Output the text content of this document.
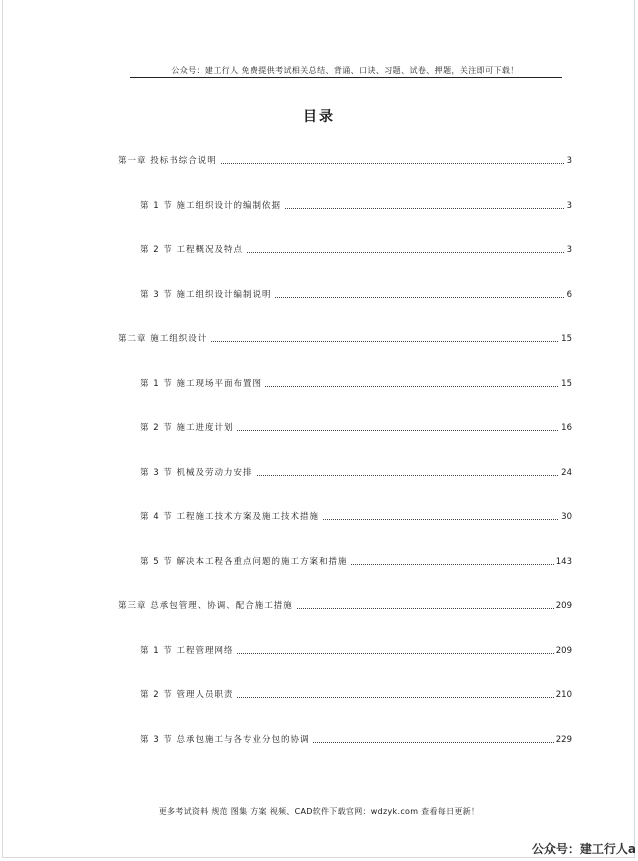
公众号：建工行人 免费提供考试相关总结、背诵、口诀、习题、试卷、押题，关注即可下载！
目录
第一章 投标书综合说明	3
第 1 节 施工组织设计的编制依据	3
第 2 节 工程概况及特点	3
第 3 节 施工组织设计编制说明	6
第二章 施工组织设计	15
第 1 节 施工现场平面布置图	15
第 2 节 施工进度计划	16
第 3 节 机械及劳动力安排	24
第 4 节 工程施工技术方案及施工技术措施	30
第 5 节 解决本工程各重点问题的施工方案和措施	143
第三章 总承包管理、协调、配合施工措施	209
第 1 节 工程管理网络	209
第 2 节 管理人员职责	210
第 3 节 总承包施工与各专业分包的协调	229
更多考试资料 规范 图集 方案 视频、CAD软件下载官网：wdzyk.com 查看每日更新！
公众号：建工行人a
